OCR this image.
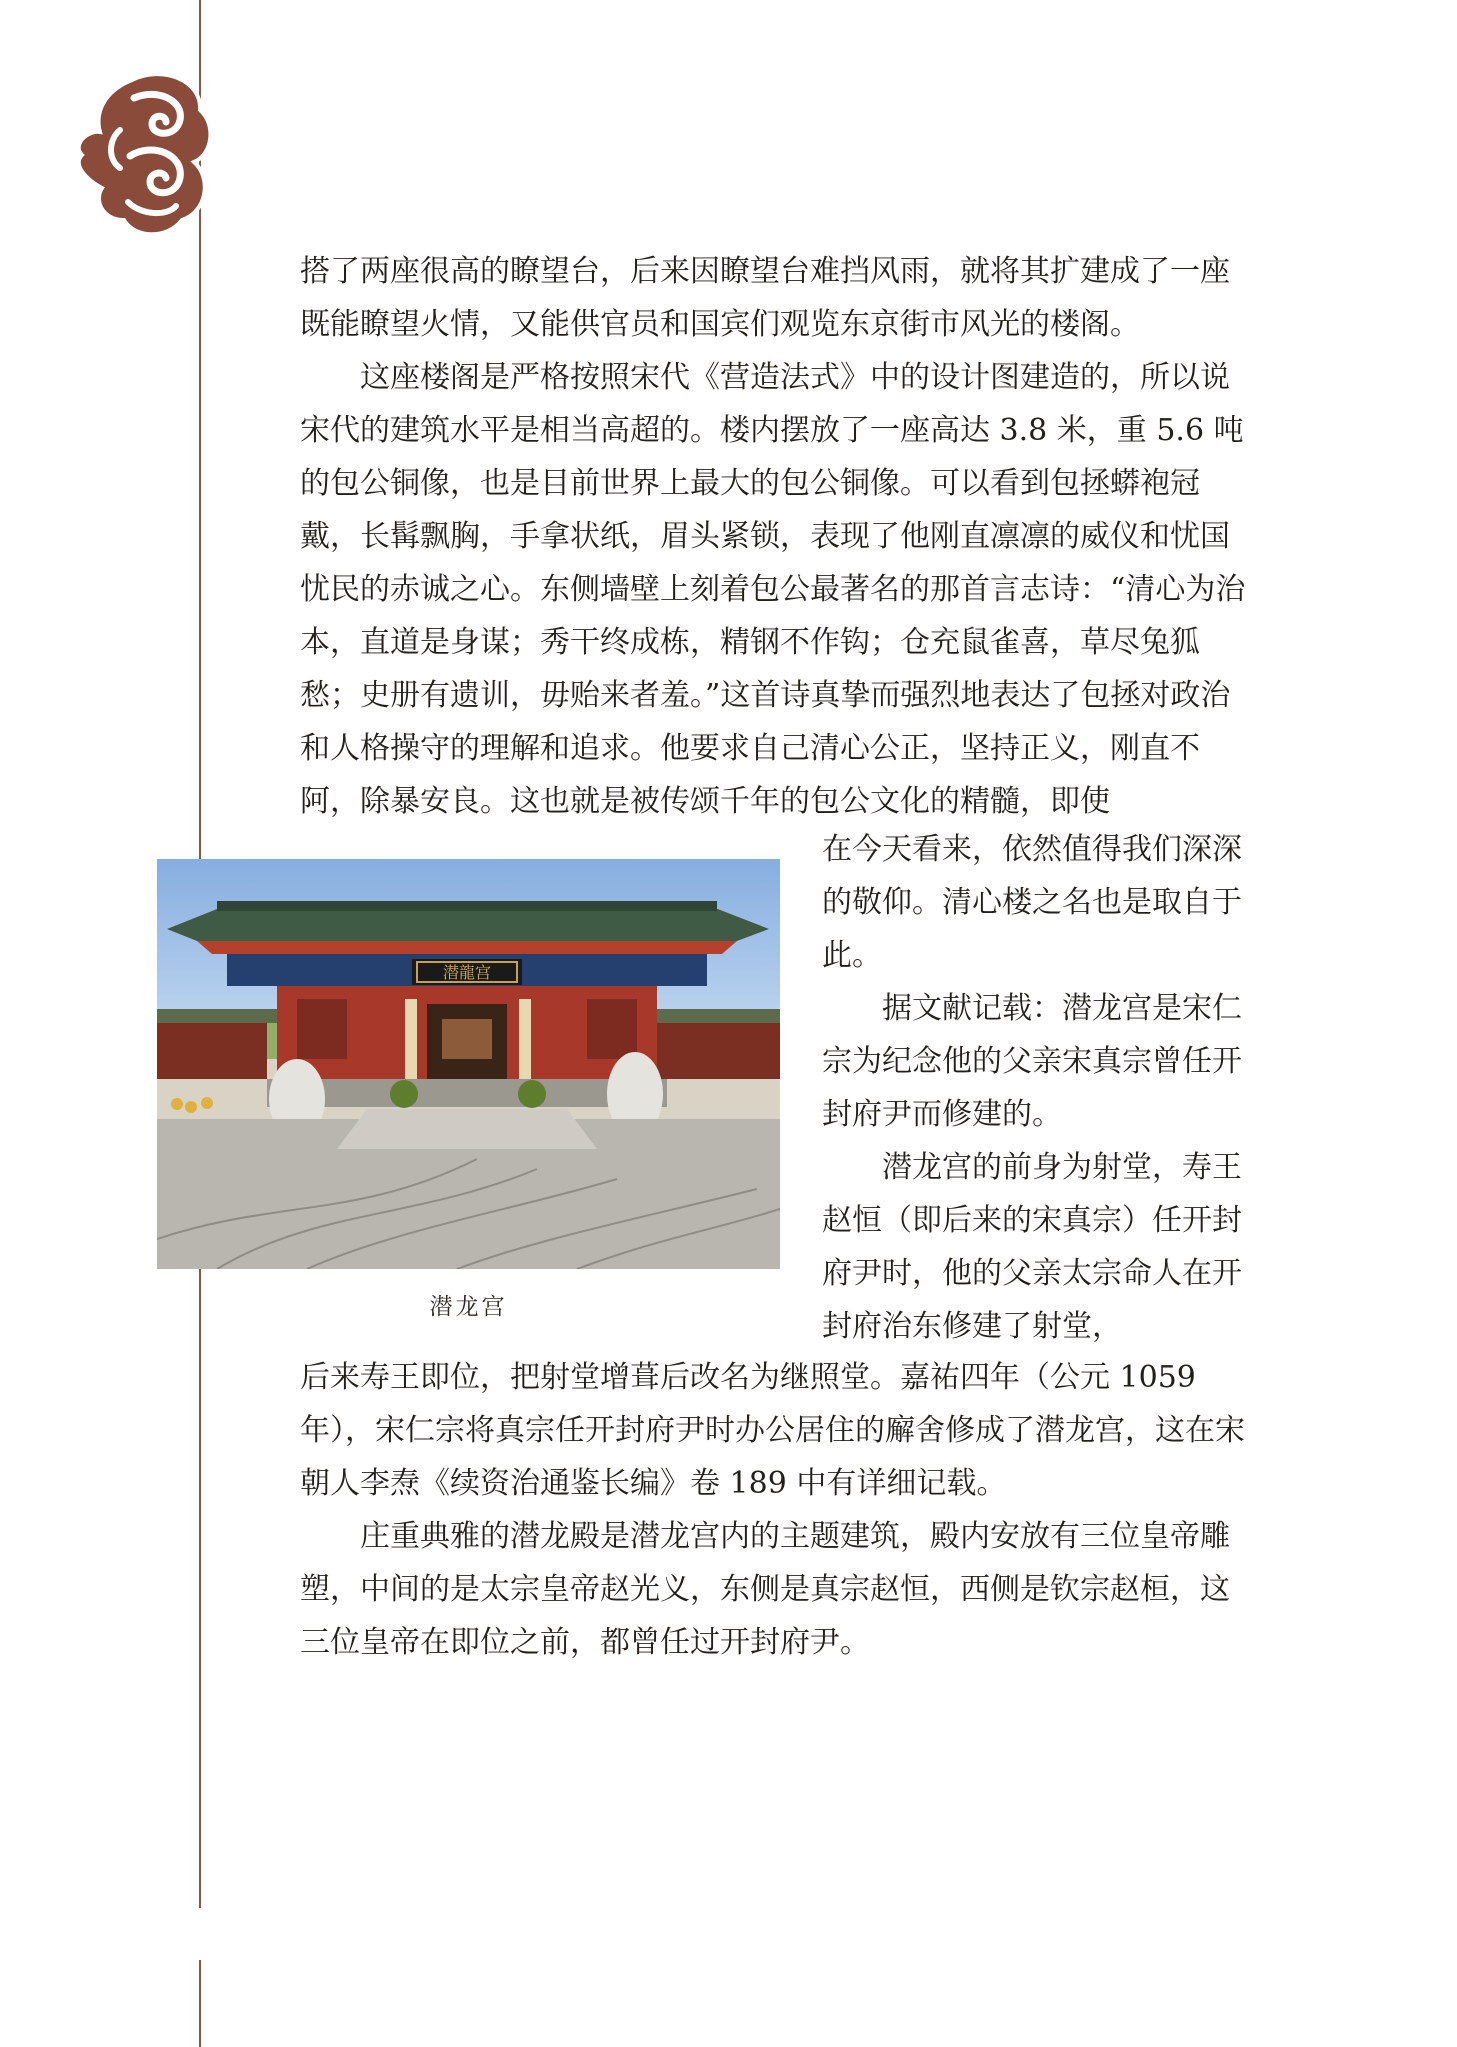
搭了两座很高的瞭望台，后来因瞭望台难挡风雨，就将其扩建成了一座既能瞭望火情，又能供官员和国宾们观览东京街市风光的楼阁。

这座楼阁是严格按照宋代《营造法式》中的设计图建造的，所以说宋代的建筑水平是相当高超的。楼内摆放了一座高达 3.8 米，重 5.6 吨的包公铜像，也是目前世界上最大的包公铜像。可以看到包拯蟒袍冠戴，长髯飘胸，手拿状纸，眉头紧锁，表现了他刚直凛凛的威仪和忧国忧民的赤诚之心。东侧墙壁上刻着包公最著名的那首言志诗：“清心为治本，直道是身谋；秀干终成栋，精钢不作钩；仓充鼠雀喜，草尽兔狐愁；史册有遗训，毋贻来者羞。”这首诗真挚而强烈地表达了包拯对政治和人格操守的理解和追求。他要求自己清心公正，坚持正义，刚直不阿，除暴安良。这也就是被传颂千年的包公文化的精髓，即使

在今天看来，依然值得我们深深的敬仰。清心楼之名也是取自于此。

据文献记载：潜龙宫是宋仁宗为纪念他的父亲宋真宗曾任开封府尹而修建的。

潜龙宫的前身为射堂，寿王赵恒（即后来的宋真宗）任开封府尹时，他的父亲太宗命人在开封府治东修建了射堂，

潜龍宫
潜龙宫

后来寿王即位，把射堂增葺后改名为继照堂。嘉祐四年（公元 1059 年），宋仁宗将真宗任开封府尹时办公居住的廨舍修成了潜龙宫，这在宋朝人李焘《续资治通鉴长编》卷 189 中有详细记载。

庄重典雅的潜龙殿是潜龙宫内的主题建筑，殿内安放有三位皇帝雕塑，中间的是太宗皇帝赵光义，东侧是真宗赵恒，西侧是钦宗赵桓，这三位皇帝在即位之前，都曾任过开封府尹。
